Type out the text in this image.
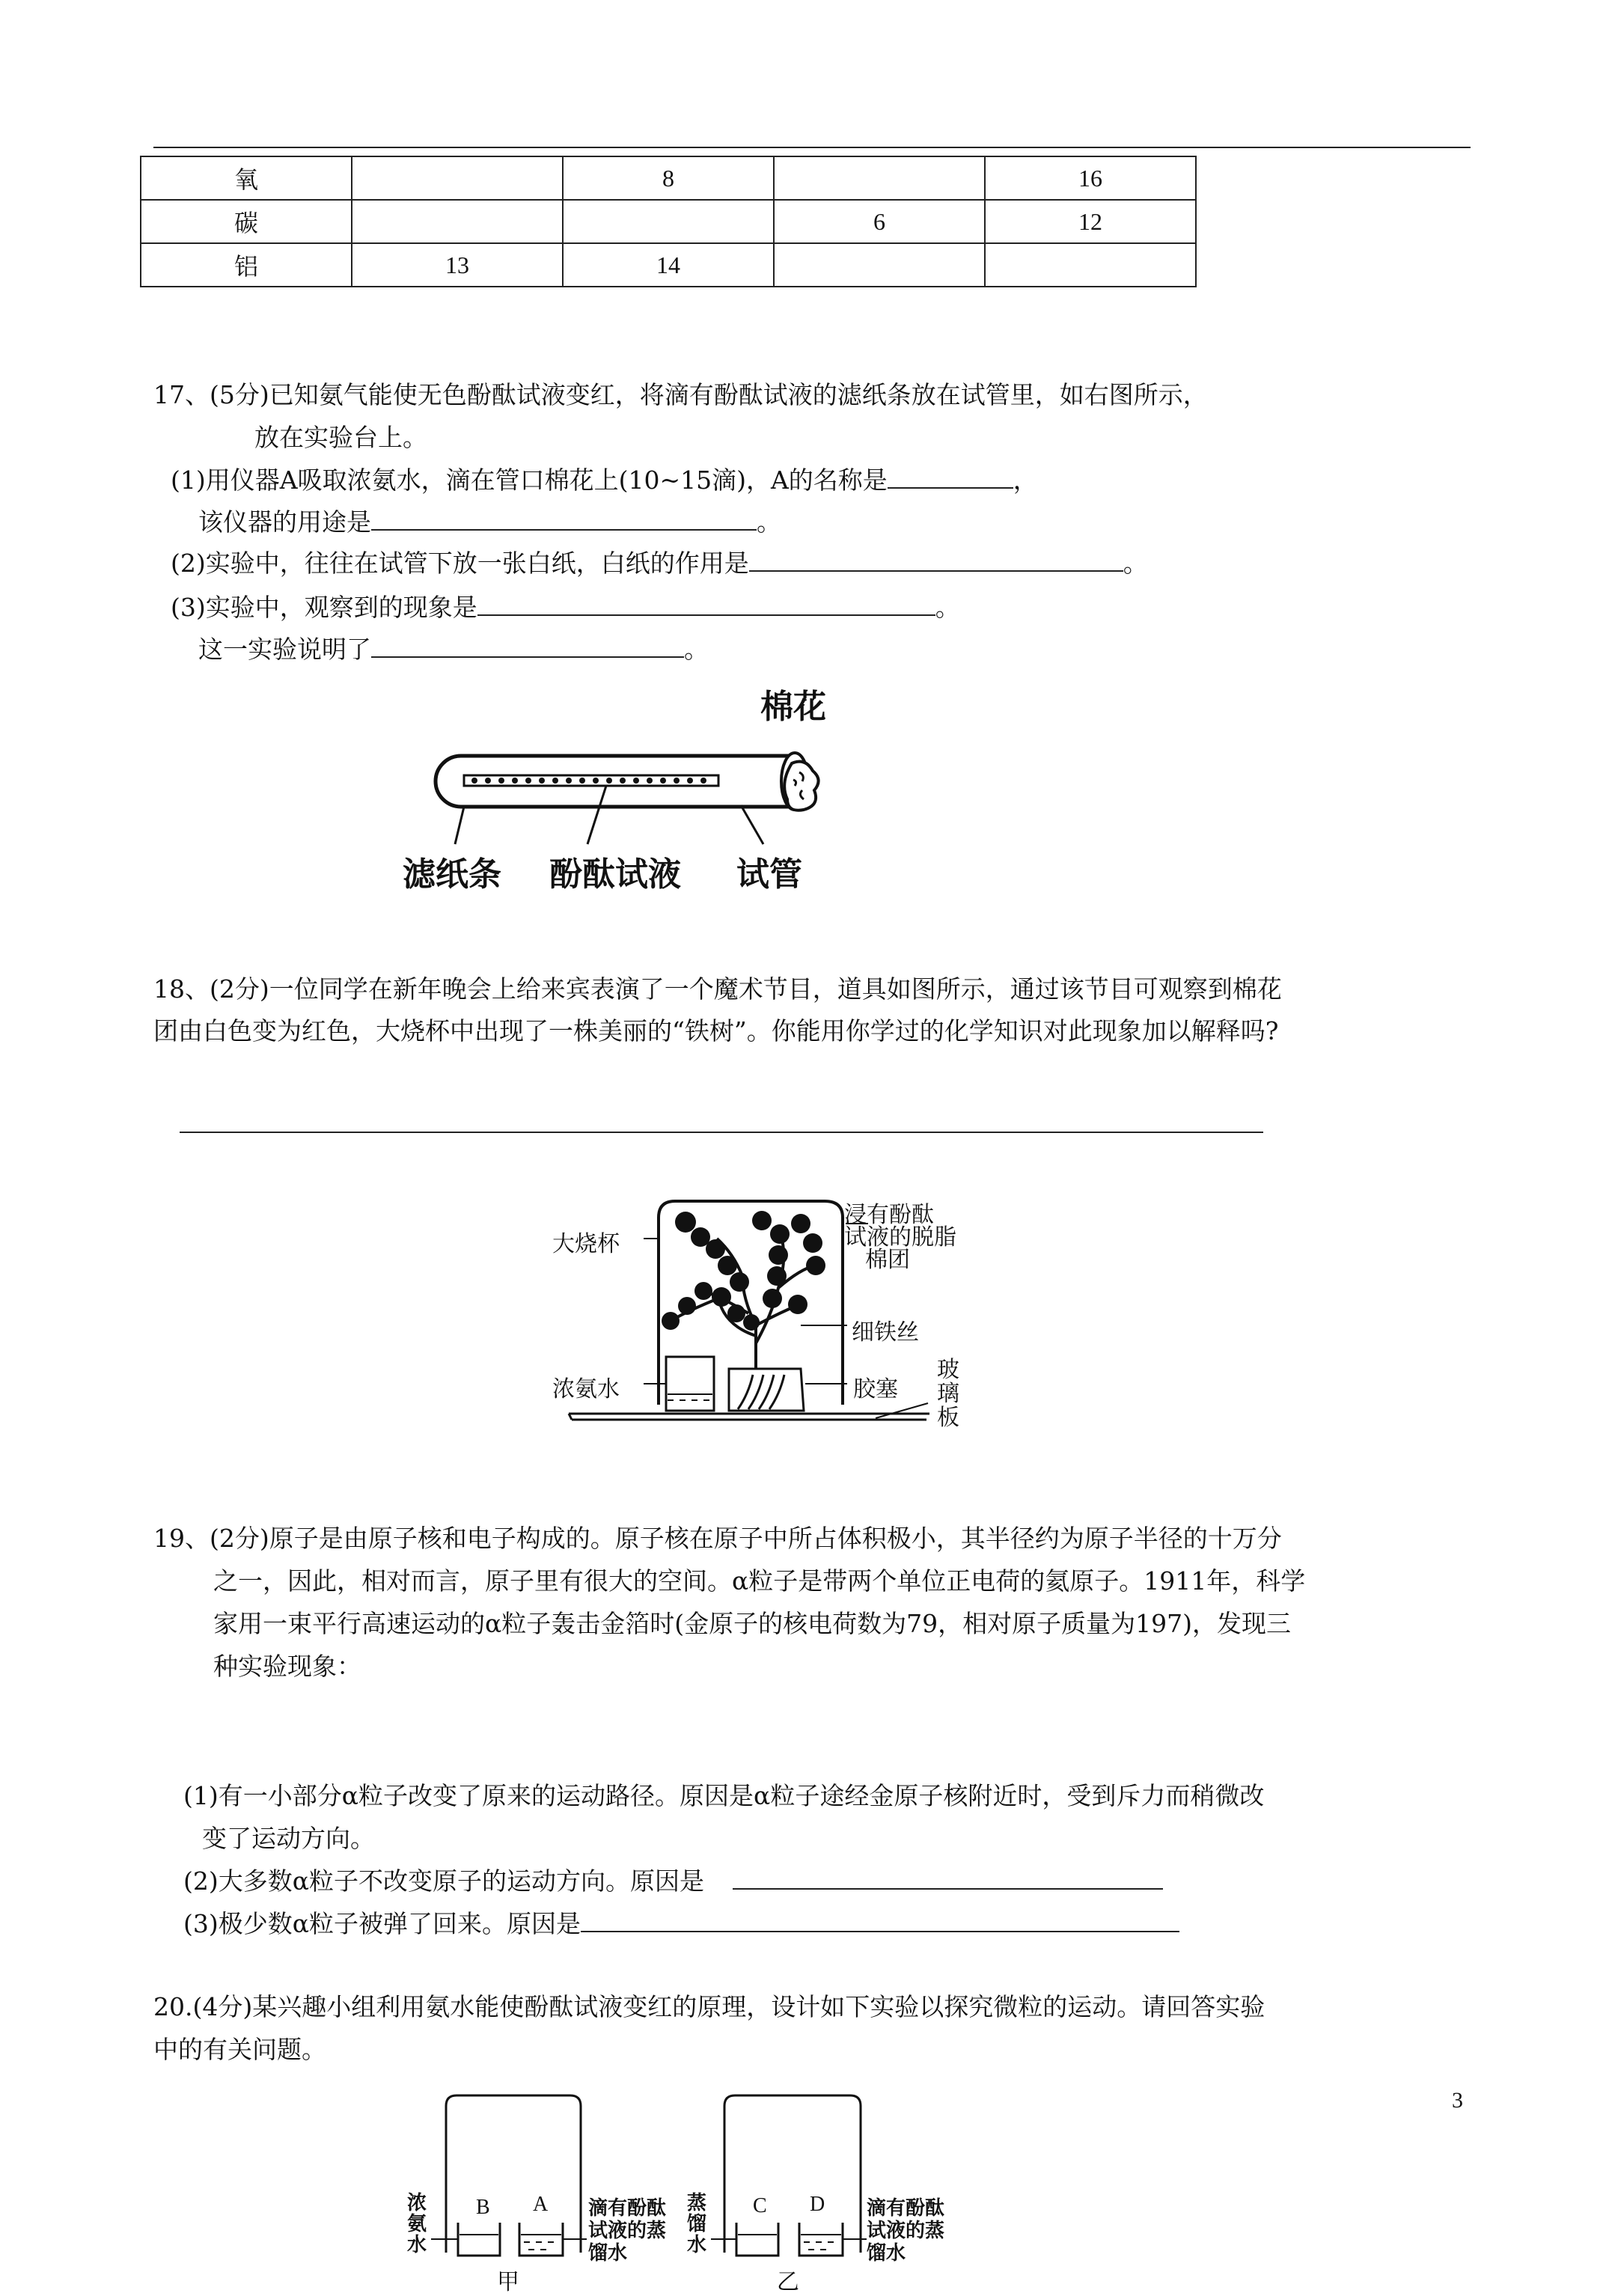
氧		8		16
碳			6	12
铝	13	14		
17、(5分)已知氨气能使无色酚酞试液变红，将滴有酚酞试液的滤纸条放在试管里，如右图所示，
放在实验台上。
(1)用仪器A吸取浓氨水，滴在管口棉花上(10~15滴)，A的名称是	，
该仪器的用途是	。
(2)实验中，往往在试管下放一张白纸，白纸的作用是	。
(3)实验中，观察到的现象是	。
这一实验说明了	。
棉花
滤纸条 酚酞试液 试管
18、(2分)一位同学在新年晚会上给来宾表演了一个魔术节目，道具如图所示，通过该节目可观察到棉花
团由白色变为红色，大烧杯中出现了一株美丽的“铁树”。你能用你学过的化学知识对此现象加以解释吗?
大烧杯
浸有酚酞
试液的脱脂
棉团
细铁丝
浓氨水	胶塞
玻
璃
板
19、(2分)原子是由原子核和电子构成的。原子核在原子中所占体积极小，其半径约为原子半径的十万分
之一，因此，相对而言，原子里有很大的空间。α粒子是带两个单位正电荷的氦原子。1911年，科学
家用一束平行高速运动的α粒子轰击金箔时(金原子的核电荷数为79，相对原子质量为197)，发现三
种实验现象：
(1)有一小部分α粒子改变了原来的运动路径。原因是α粒子途经金原子核附近时，受到斥力而稍微改
变了运动方向。
(2)大多数α粒子不改变原子的运动方向。原因是
(3)极少数α粒子被弹了回来。原因是
20.(4分)某兴趣小组利用氨水能使酚酞试液变红的原理，设计如下实验以探究微粒的运动。请回答实验
中的有关问题。
浓
氨
水
B A 滴有酚酞
试液的蒸
馏水
甲
蒸
馏
水
C D 滴有酚酞
试液的蒸
馏水
乙
3
